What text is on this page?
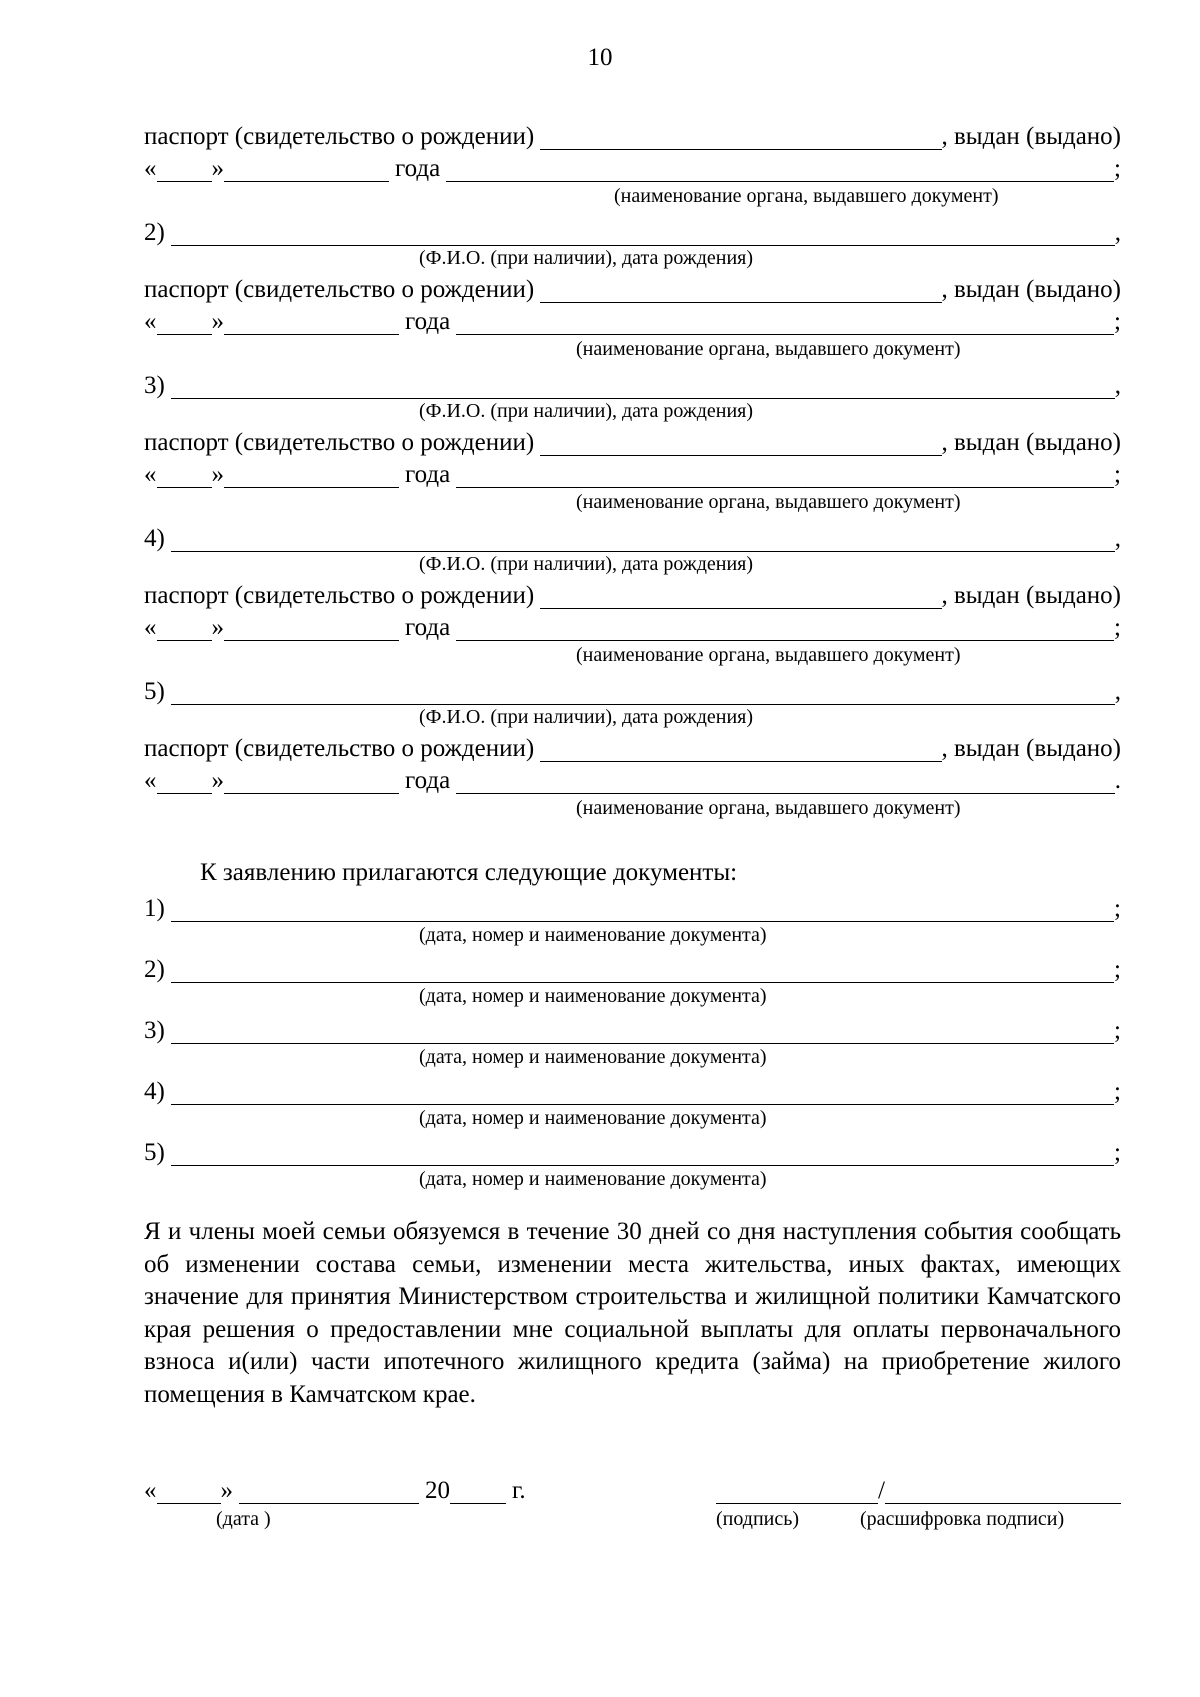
10
паспорт (свидетельство о рождении)	, выдан (выдано)
« »	года	;
(наименование органа, выдавшего документ)
2)	,
(Ф.И.О. (при наличии), дата рождения)
паспорт (свидетельство о рождении)	, выдан (выдано)
« »	года	;
(наименование органа, выдавшего документ)
3)	,
(Ф.И.О. (при наличии), дата рождения)
паспорт (свидетельство о рождении)	, выдан (выдано)
« »	года	;
(наименование органа, выдавшего документ)
4)	,
(Ф.И.О. (при наличии), дата рождения)
паспорт (свидетельство о рождении)	, выдан (выдано)
« »	года	;
(наименование органа, выдавшего документ)
5)	,
(Ф.И.О. (при наличии), дата рождения)
паспорт (свидетельство о рождении)	, выдан (выдано)
« »	года	.
(наименование органа, выдавшего документ)
К заявлению прилагаются следующие документы:
1)	;
(дата, номер и наименование документа)
2)	;
(дата, номер и наименование документа)
3)	;
(дата, номер и наименование документа)
4)	;
(дата, номер и наименование документа)
5)	;
(дата, номер и наименование документа)
Я и члены моей семьи обязуемся в течение 30 дней со дня наступления события сообщать об изменении состава семьи, изменении места жительства, иных фактах, имеющих значение для принятия Министерством строительства и жилищной политики Камчатского края решения о предоставлении мне социальной выплаты для оплаты первоначального взноса и(или) части ипотечного жилищного кредита (займа) на приобретение жилого помещения в Камчатском крае.
«	»	20 г.	/
(дата )	(подпись)	(расшифровка подписи)
